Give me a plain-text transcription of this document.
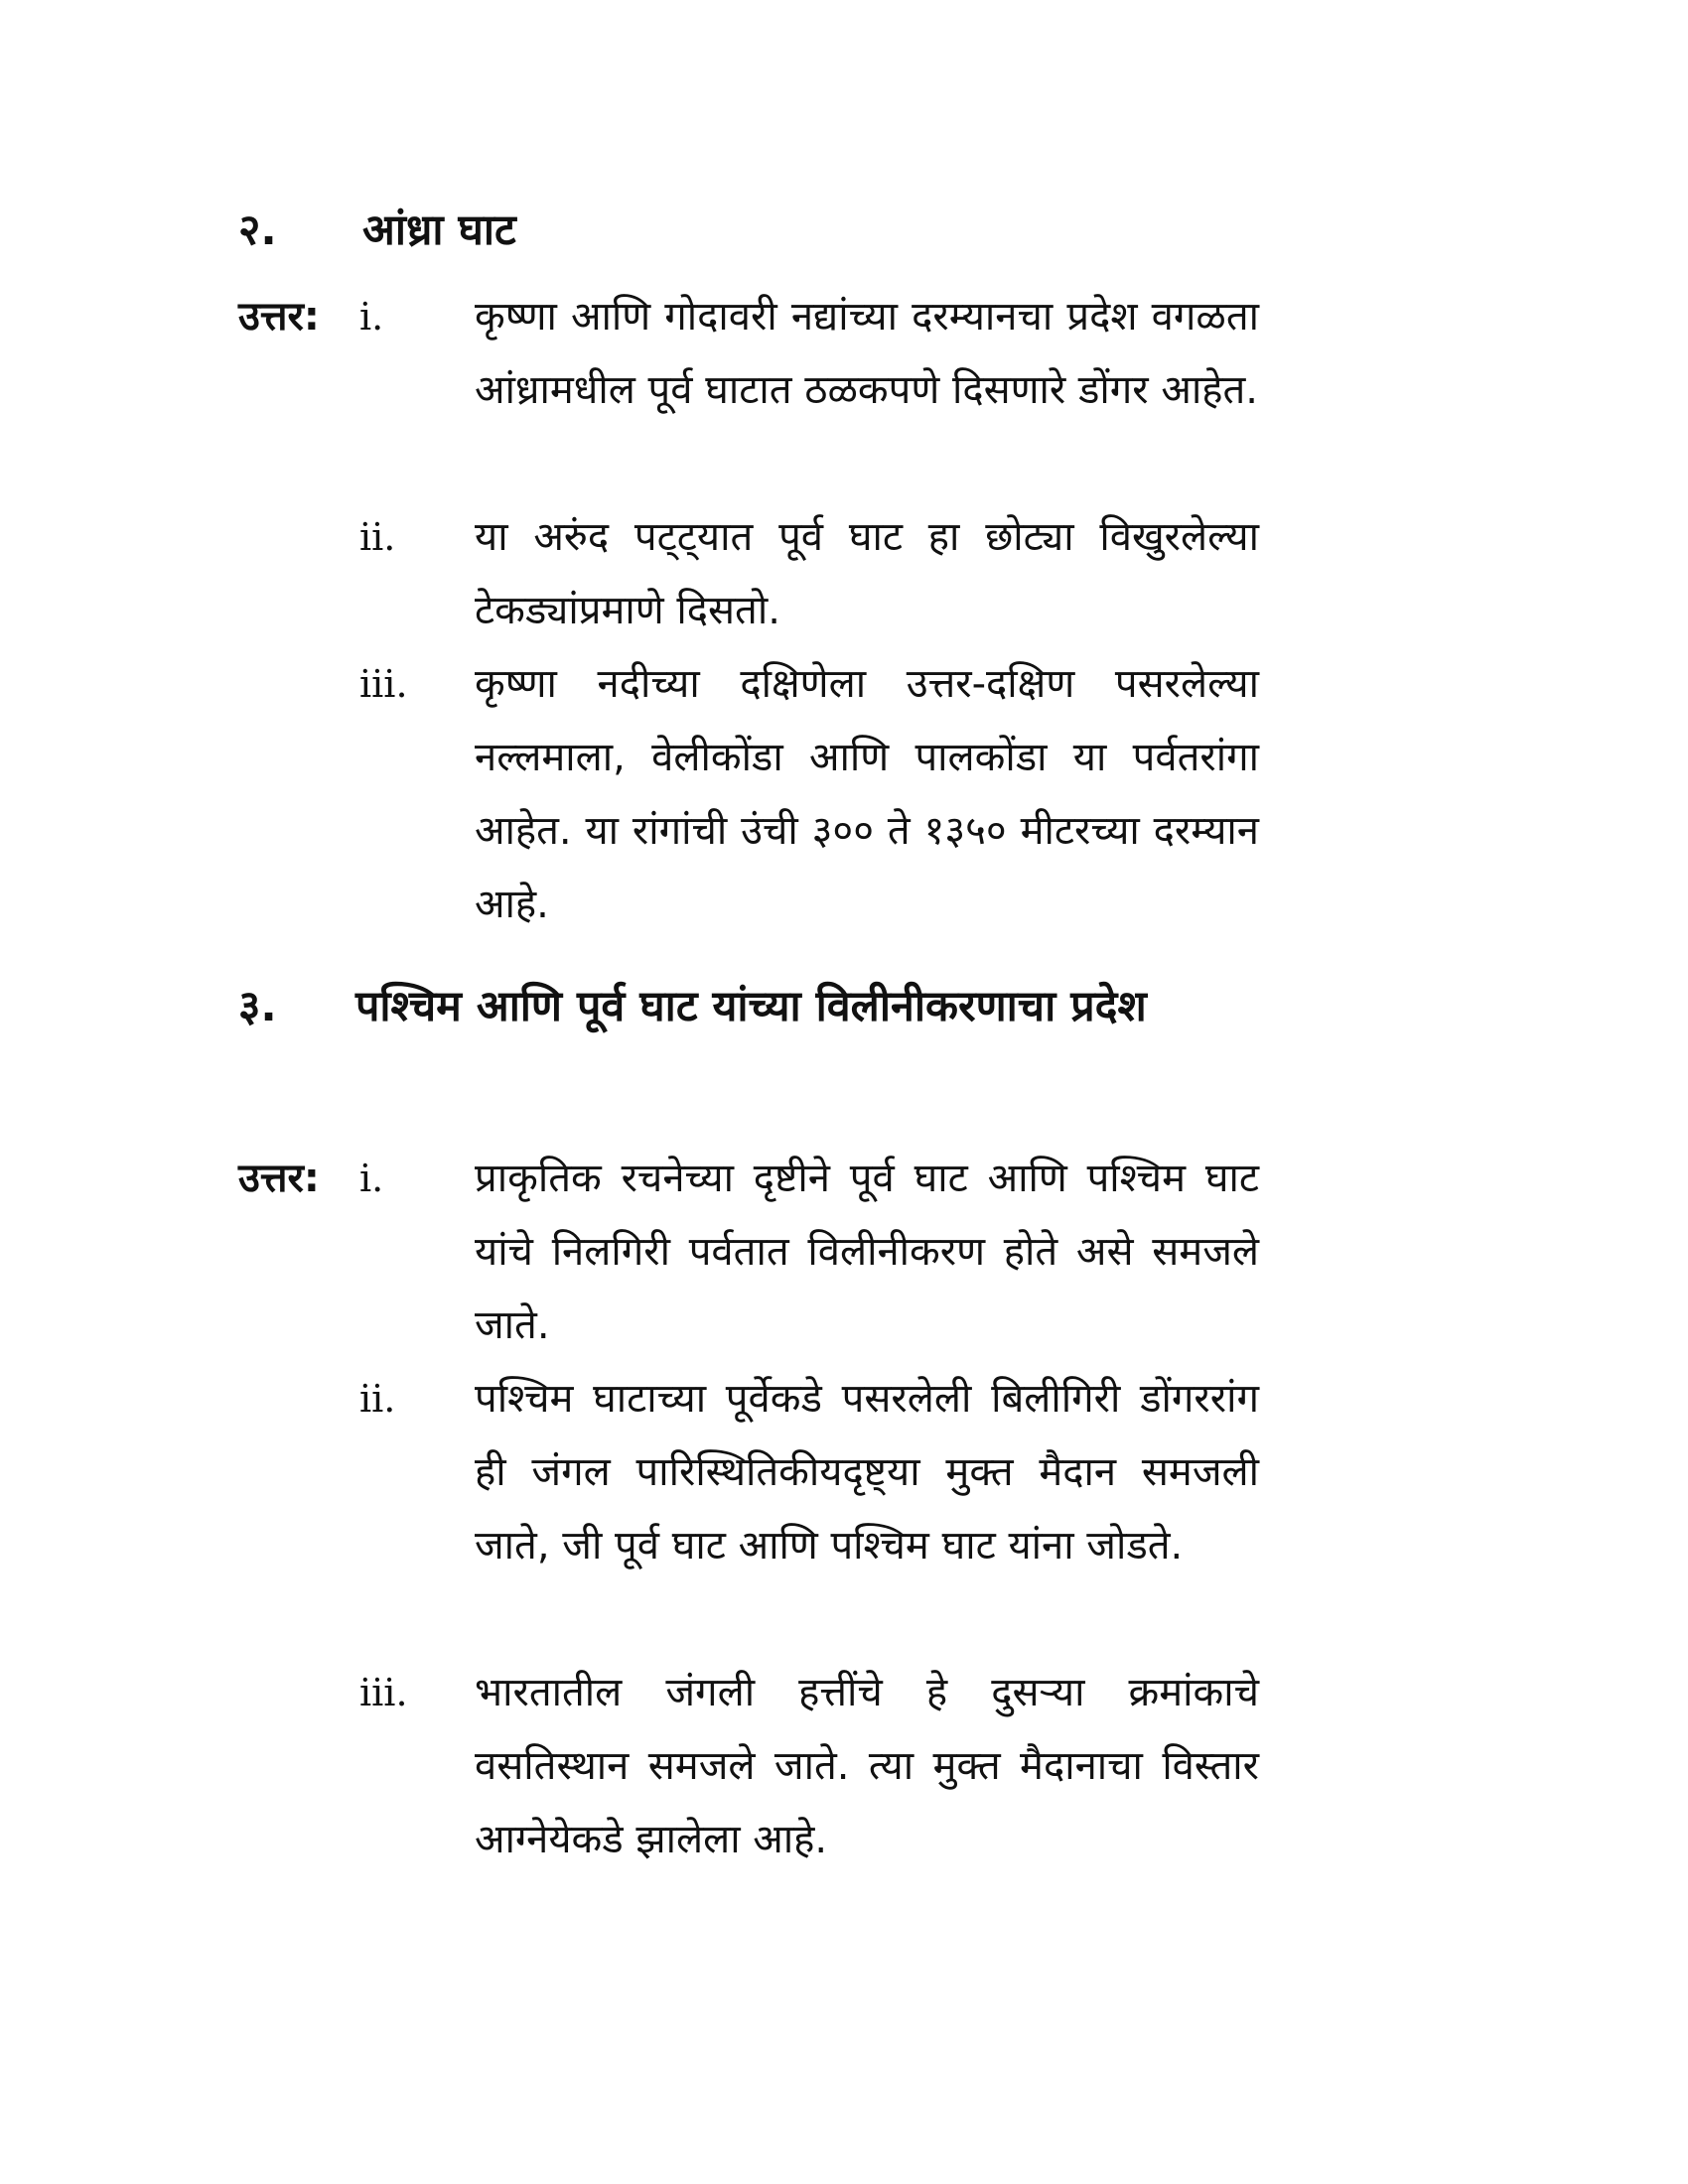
२.	आंध्रा घाट
उत्तर: i. कृष्णा आणि गोदावरी नद्यांच्या दरम्यानचा प्रदेश वगळता आंध्रामधील पूर्व घाटात ठळकपणे दिसणारे डोंगर आहेत.
ii. या अरुंद पट्ट्यात पूर्व घाट हा छोट्या विखुरलेल्या टेकड्यांप्रमाणे दिसतो.
iii. कृष्णा नदीच्या दक्षिणेला उत्तर-दक्षिण पसरलेल्या नल्लमाला, वेलीकोंडा आणि पालकोंडा या पर्वतरांगा आहेत. या रांगांची उंची ३०० ते १३५० मीटरच्या दरम्यान आहे.
३.	पश्चिम आणि पूर्व घाट यांच्या विलीनीकरणाचा प्रदेश
उत्तर: i. प्राकृतिक रचनेच्या दृष्टीने पूर्व घाट आणि पश्चिम घाट यांचे निलगिरी पर्वतात विलीनीकरण होते असे समजले जाते.
ii. पश्चिम घाटाच्या पूर्वेकडे पसरलेली बिलीगिरी डोंगररांग ही जंगल पारिस्थितिकीयदृष्ट्या मुक्त मैदान समजली जाते, जी पूर्व घाट आणि पश्चिम घाट यांना जोडते.
iii. भारतातील जंगली हत्तींचे हे दुसऱ्या क्रमांकाचे वसतिस्थान समजले जाते. त्या मुक्त मैदानाचा विस्तार आग्नेयेकडे झालेला आहे.
